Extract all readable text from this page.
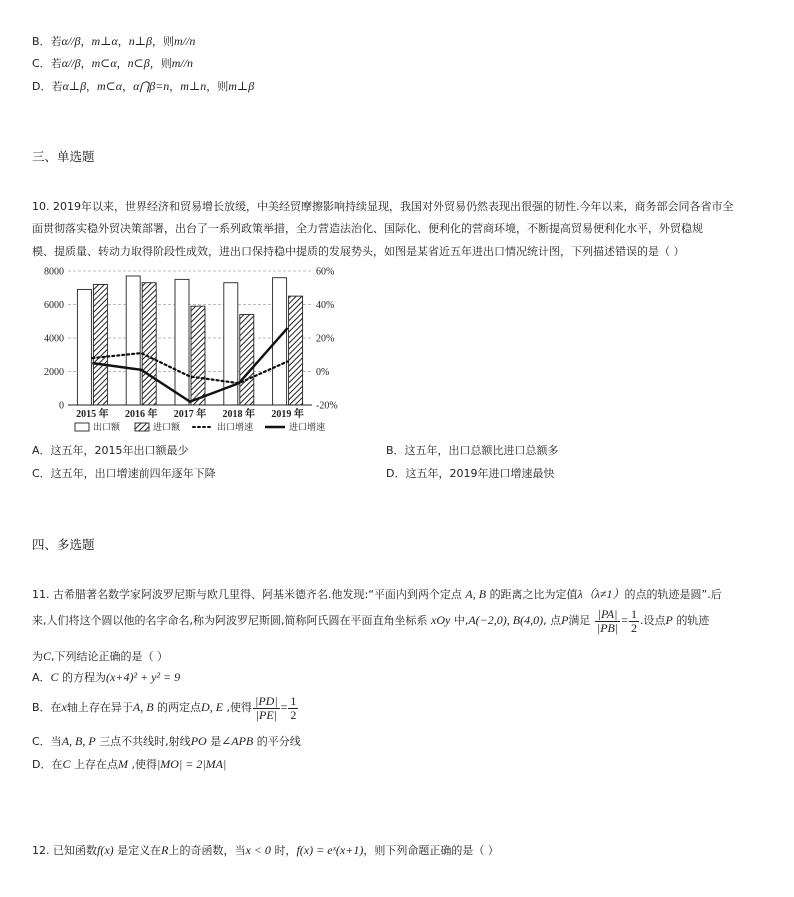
B．若α//β，m⊥α，n⊥β，则m//n
C．若α//β，m⊂α，n⊂β，则m//n
D．若α⊥β，m⊂α，α⋂β=n，m⊥n，则m⊥β
三、单选题
10. 2019年以来，世界经济和贸易增长放缓，中美经贸摩擦影响持续显现，我国对外贸易仍然表现出很强的韧性.今年以来，商务部会同各省市全
面贯彻落实稳外贸决策部署，出台了一系列政策举措，全力营造法治化、国际化、便利化的营商环境，不断提高贸易便利化水平，外贸稳规
模、提质量、转动力取得阶段性成效，进出口保持稳中提质的发展势头，如图是某省近五年进出口情况统计图，下列描述错误的是（ ）
0
2000
4000
6000
8000
-20%
0%
20%
40%
60%
2015 年 2016 年 2017 年 2018 年 2019 年
出口额	进口额	出口增速	进口增速
A．这五年，2015年出口额最少	B．这五年，出口总额比进口总额多
C．这五年，出口增速前四年逐年下降	D．这五年，2019年进口增速最快
四、多选题
11. 古希腊著名数学家阿波罗尼斯与欧几里得、阿基米德齐名.他发现:“平面内到两个定点 A, B 的距离之比为定值λ（λ≠1）的点的轨迹是圆”.后
来,人们将这个圆以他的名字命名,称为阿波罗尼斯圆,简称阿氏圆在平面直角坐标系 xOy 中,A(−2,0), B(4,0), 点P满足 $\frac{|PA|}{|PB|} = \frac{1}{2}$ .设点P 的轨迹
为C,下列结论正确的是（ ）
A．C 的方程为(x+4)² + y² = 9
B．在x轴上存在异于A, B 的两定点D, E ,使得 $\frac{|PD|}{|PE|} = \frac{1}{2}$
C．当A, B, P 三点不共线时,射线PO 是∠APB 的平分线
D．在C 上存在点M ,使得|MO| = 2|MA|
12. 已知函数f(x) 是定义在R上的奇函数，当x < 0 时，f(x) = eˣ(x+1)，则下列命题正确的是（ ）
